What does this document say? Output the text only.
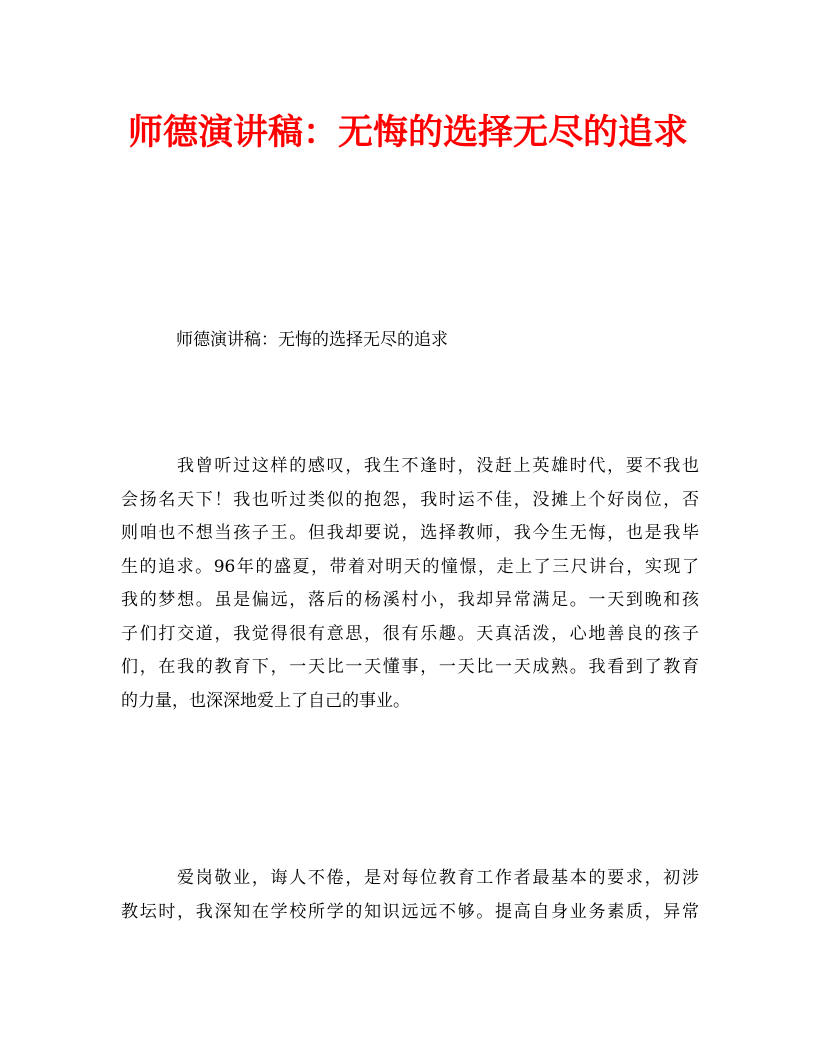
师德演讲稿：无悔的选择无尽的追求
师德演讲稿：无悔的选择无尽的追求
我曾听过这样的感叹，我生不逢时，没赶上英雄时代，要不我也
会扬名天下！我也听过类似的抱怨，我时运不佳，没摊上个好岗位，否
则咱也不想当孩子王。但我却要说，选择教师，我今生无悔，也是我毕
生的追求。96年的盛夏，带着对明天的憧憬，走上了三尺讲台，实现了
我的梦想。虽是偏远，落后的杨溪村小，我却异常满足。一天到晚和孩
子们打交道，我觉得很有意思，很有乐趣。天真活泼，心地善良的孩子
们，在我的教育下，一天比一天懂事，一天比一天成熟。我看到了教育
的力量，也深深地爱上了自己的事业。
爱岗敬业，诲人不倦，是对每位教育工作者最基本的要求，初涉
教坛时，我深知在学校所学的知识远远不够。提高自身业务素质，异常
